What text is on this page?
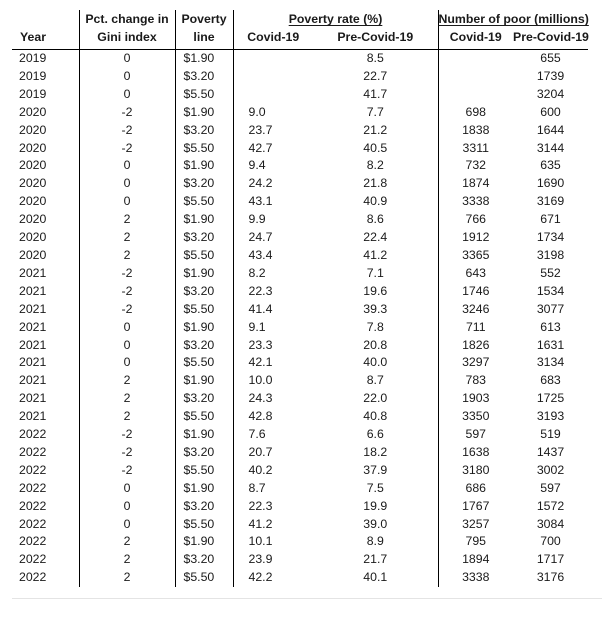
	Pct. change in	Poverty	Poverty rate (%)		Number of poor (millions)	
Year	Gini index	line	Covid-19	Pre-Covid-19	Covid-19	Pre-Covid-19
2019	0	$1.90		8.5		655
2019	0	$3.20		22.7		1739
2019	0	$5.50		41.7		3204
2020	-2	$1.90	9.0	7.7	698	600
2020	-2	$3.20	23.7	21.2	1838	1644
2020	-2	$5.50	42.7	40.5	3311	3144
2020	0	$1.90	9.4	8.2	732	635
2020	0	$3.20	24.2	21.8	1874	1690
2020	0	$5.50	43.1	40.9	3338	3169
2020	2	$1.90	9.9	8.6	766	671
2020	2	$3.20	24.7	22.4	1912	1734
2020	2	$5.50	43.4	41.2	3365	3198
2021	-2	$1.90	8.2	7.1	643	552
2021	-2	$3.20	22.3	19.6	1746	1534
2021	-2	$5.50	41.4	39.3	3246	3077
2021	0	$1.90	9.1	7.8	711	613
2021	0	$3.20	23.3	20.8	1826	1631
2021	0	$5.50	42.1	40.0	3297	3134
2021	2	$1.90	10.0	8.7	783	683
2021	2	$3.20	24.3	22.0	1903	1725
2021	2	$5.50	42.8	40.8	3350	3193
2022	-2	$1.90	7.6	6.6	597	519
2022	-2	$3.20	20.7	18.2	1638	1437
2022	-2	$5.50	40.2	37.9	3180	3002
2022	0	$1.90	8.7	7.5	686	597
2022	0	$3.20	22.3	19.9	1767	1572
2022	0	$5.50	41.2	39.0	3257	3084
2022	2	$1.90	10.1	8.9	795	700
2022	2	$3.20	23.9	21.7	1894	1717
2022	2	$5.50	42.2	40.1	3338	3176
